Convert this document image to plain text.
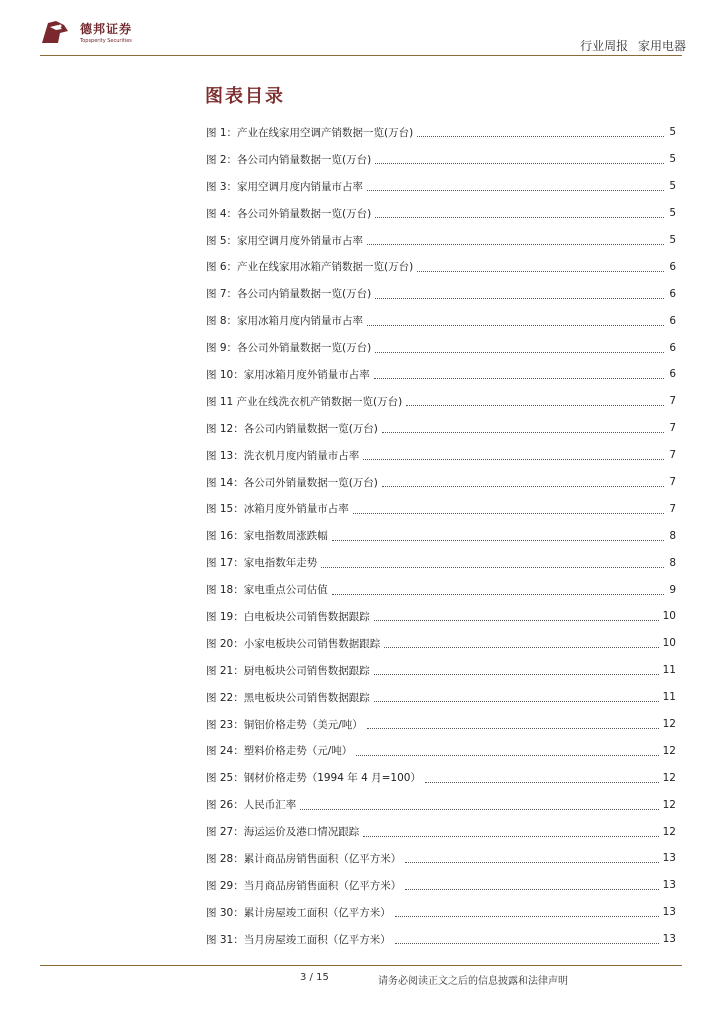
德邦证券
Topsperity Securities	行业周报 家用电器
图表目录
图 1：产业在线家用空调产销数据一览(万台)	5
图 2：各公司内销量数据一览(万台)	5
图 3：家用空调月度内销量市占率	5
图 4：各公司外销量数据一览(万台)	5
图 5：家用空调月度外销量市占率	5
图 6：产业在线家用冰箱产销数据一览(万台)	6
图 7：各公司内销量数据一览(万台)	6
图 8：家用冰箱月度内销量市占率	6
图 9：各公司外销量数据一览(万台)	6
图 10：家用冰箱月度外销量市占率	6
图 11 产业在线洗衣机产销数据一览(万台)	7
图 12：各公司内销量数据一览(万台)	7
图 13：洗衣机月度内销量市占率	7
图 14：各公司外销量数据一览(万台)	7
图 15：冰箱月度外销量市占率	7
图 16：家电指数周涨跌幅	8
图 17：家电指数年走势	8
图 18：家电重点公司估值	9
图 19：白电板块公司销售数据跟踪	10
图 20：小家电板块公司销售数据跟踪	10
图 21：厨电板块公司销售数据跟踪	11
图 22：黑电板块公司销售数据跟踪	11
图 23：铜铝价格走势（美元/吨）	12
图 24：塑料价格走势（元/吨）	12
图 25：钢材价格走势（1994 年 4 月=100）	12
图 26：人民币汇率	12
图 27：海运运价及港口情况跟踪	12
图 28：累计商品房销售面积（亿平方米）	13
图 29：当月商品房销售面积（亿平方米）	13
图 30：累计房屋竣工面积（亿平方米）	13
图 31：当月房屋竣工面积（亿平方米）	13
3 / 15	请务必阅读正文之后的信息披露和法律声明
